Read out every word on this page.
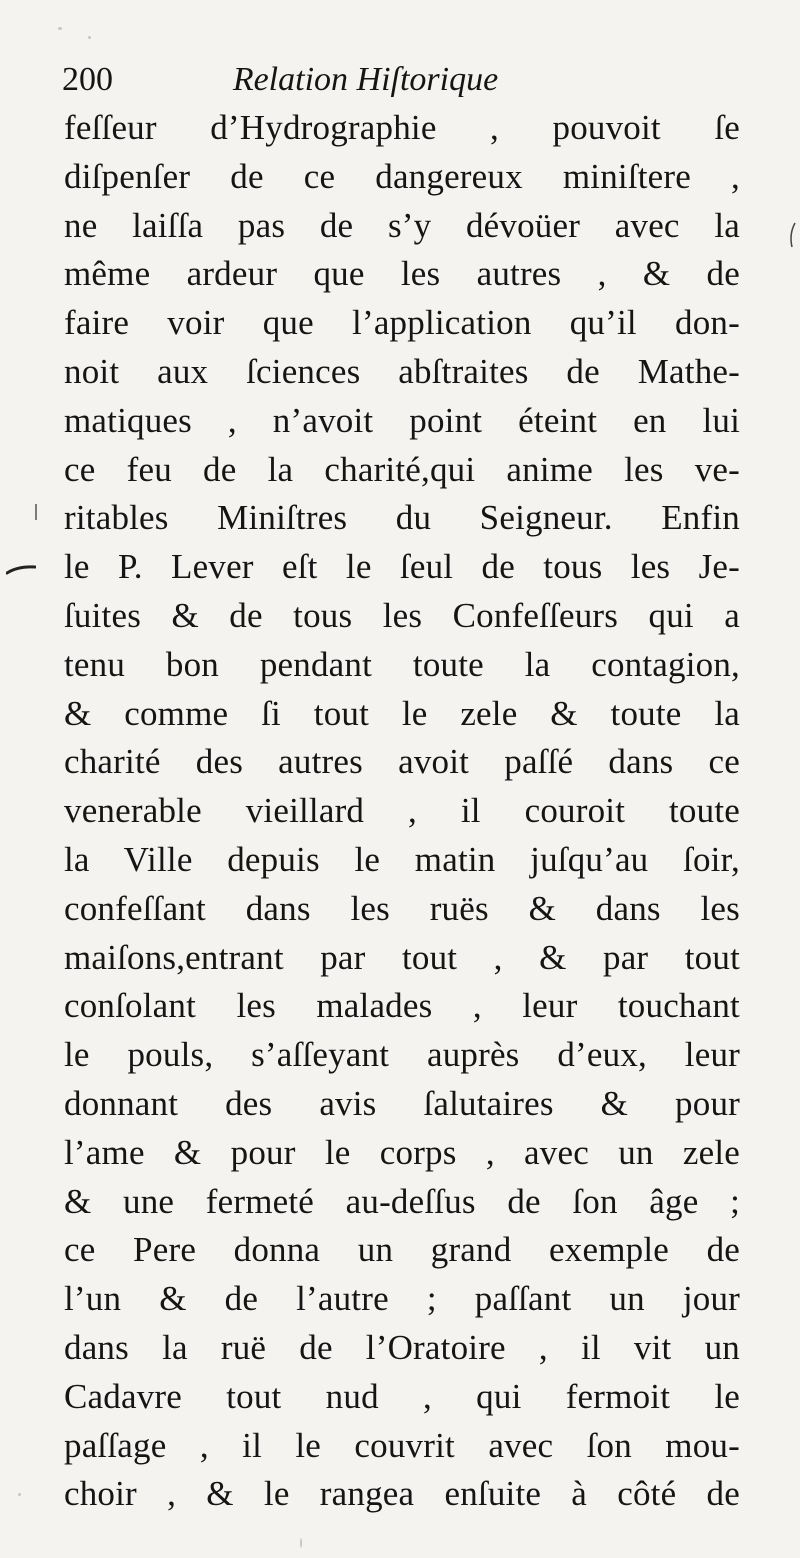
200	Relation Hiſtorique
feſſeur d’Hydrographie , pouvoit ſe
diſpenſer de ce dangereux miniſtere ,
ne laiſſa pas de s’y dévoüer avec la
même ardeur que les autres , & de
faire voir que l’application qu’il don-
noit aux ſciences abſtraites de Mathe-
matiques , n’avoit point éteint en lui
ce feu de la charité,qui anime les ve-
ritables Miniſtres du Seigneur. Enfin
le P. Lever eſt le ſeul de tous les Je-
ſuites & de tous les Confeſſeurs qui a
tenu bon pendant toute la contagion,
& comme ſi tout le zele & toute la
charité des autres avoit paſſé dans ce
venerable vieillard , il couroit toute
la Ville depuis le matin juſqu’au ſoir,
confeſſant dans les ruës & dans les
maiſons,entrant par tout , & par tout
conſolant les malades , leur touchant
le pouls, s’aſſeyant auprès d’eux, leur
donnant des avis ſalutaires & pour
l’ame & pour le corps , avec un zele
& une fermeté au-deſſus de ſon âge ;
ce Pere donna un grand exemple de
l’un & de l’autre ; paſſant un jour
dans la ruë de l’Oratoire , il vit un
Cadavre tout nud , qui fermoit le
paſſage , il le couvrit avec ſon mou-
choir , & le rangea enſuite à côté de
